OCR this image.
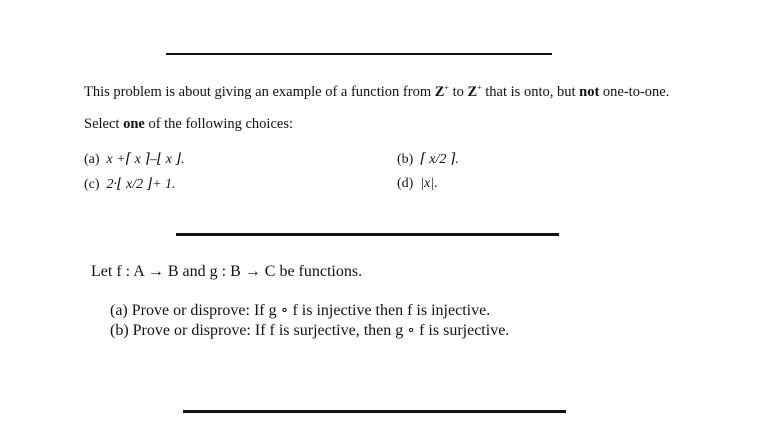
This problem is about giving an example of a function from Z+ to Z+ that is onto, but not one-to-one.
Select one of the following choices:
(a) x +⌈ x ⌉–⌊ x ⌋.	(b) ⌈ x/2 ⌉.
(c) 2·⌊ x/2 ⌋+ 1.	(d) |x|.
Let f : A → B and g : B → C be functions.
(a) Prove or disprove: If g ∘ f is injective then f is injective.
(b) Prove or disprove: If f is surjective, then g ∘ f is surjective.
